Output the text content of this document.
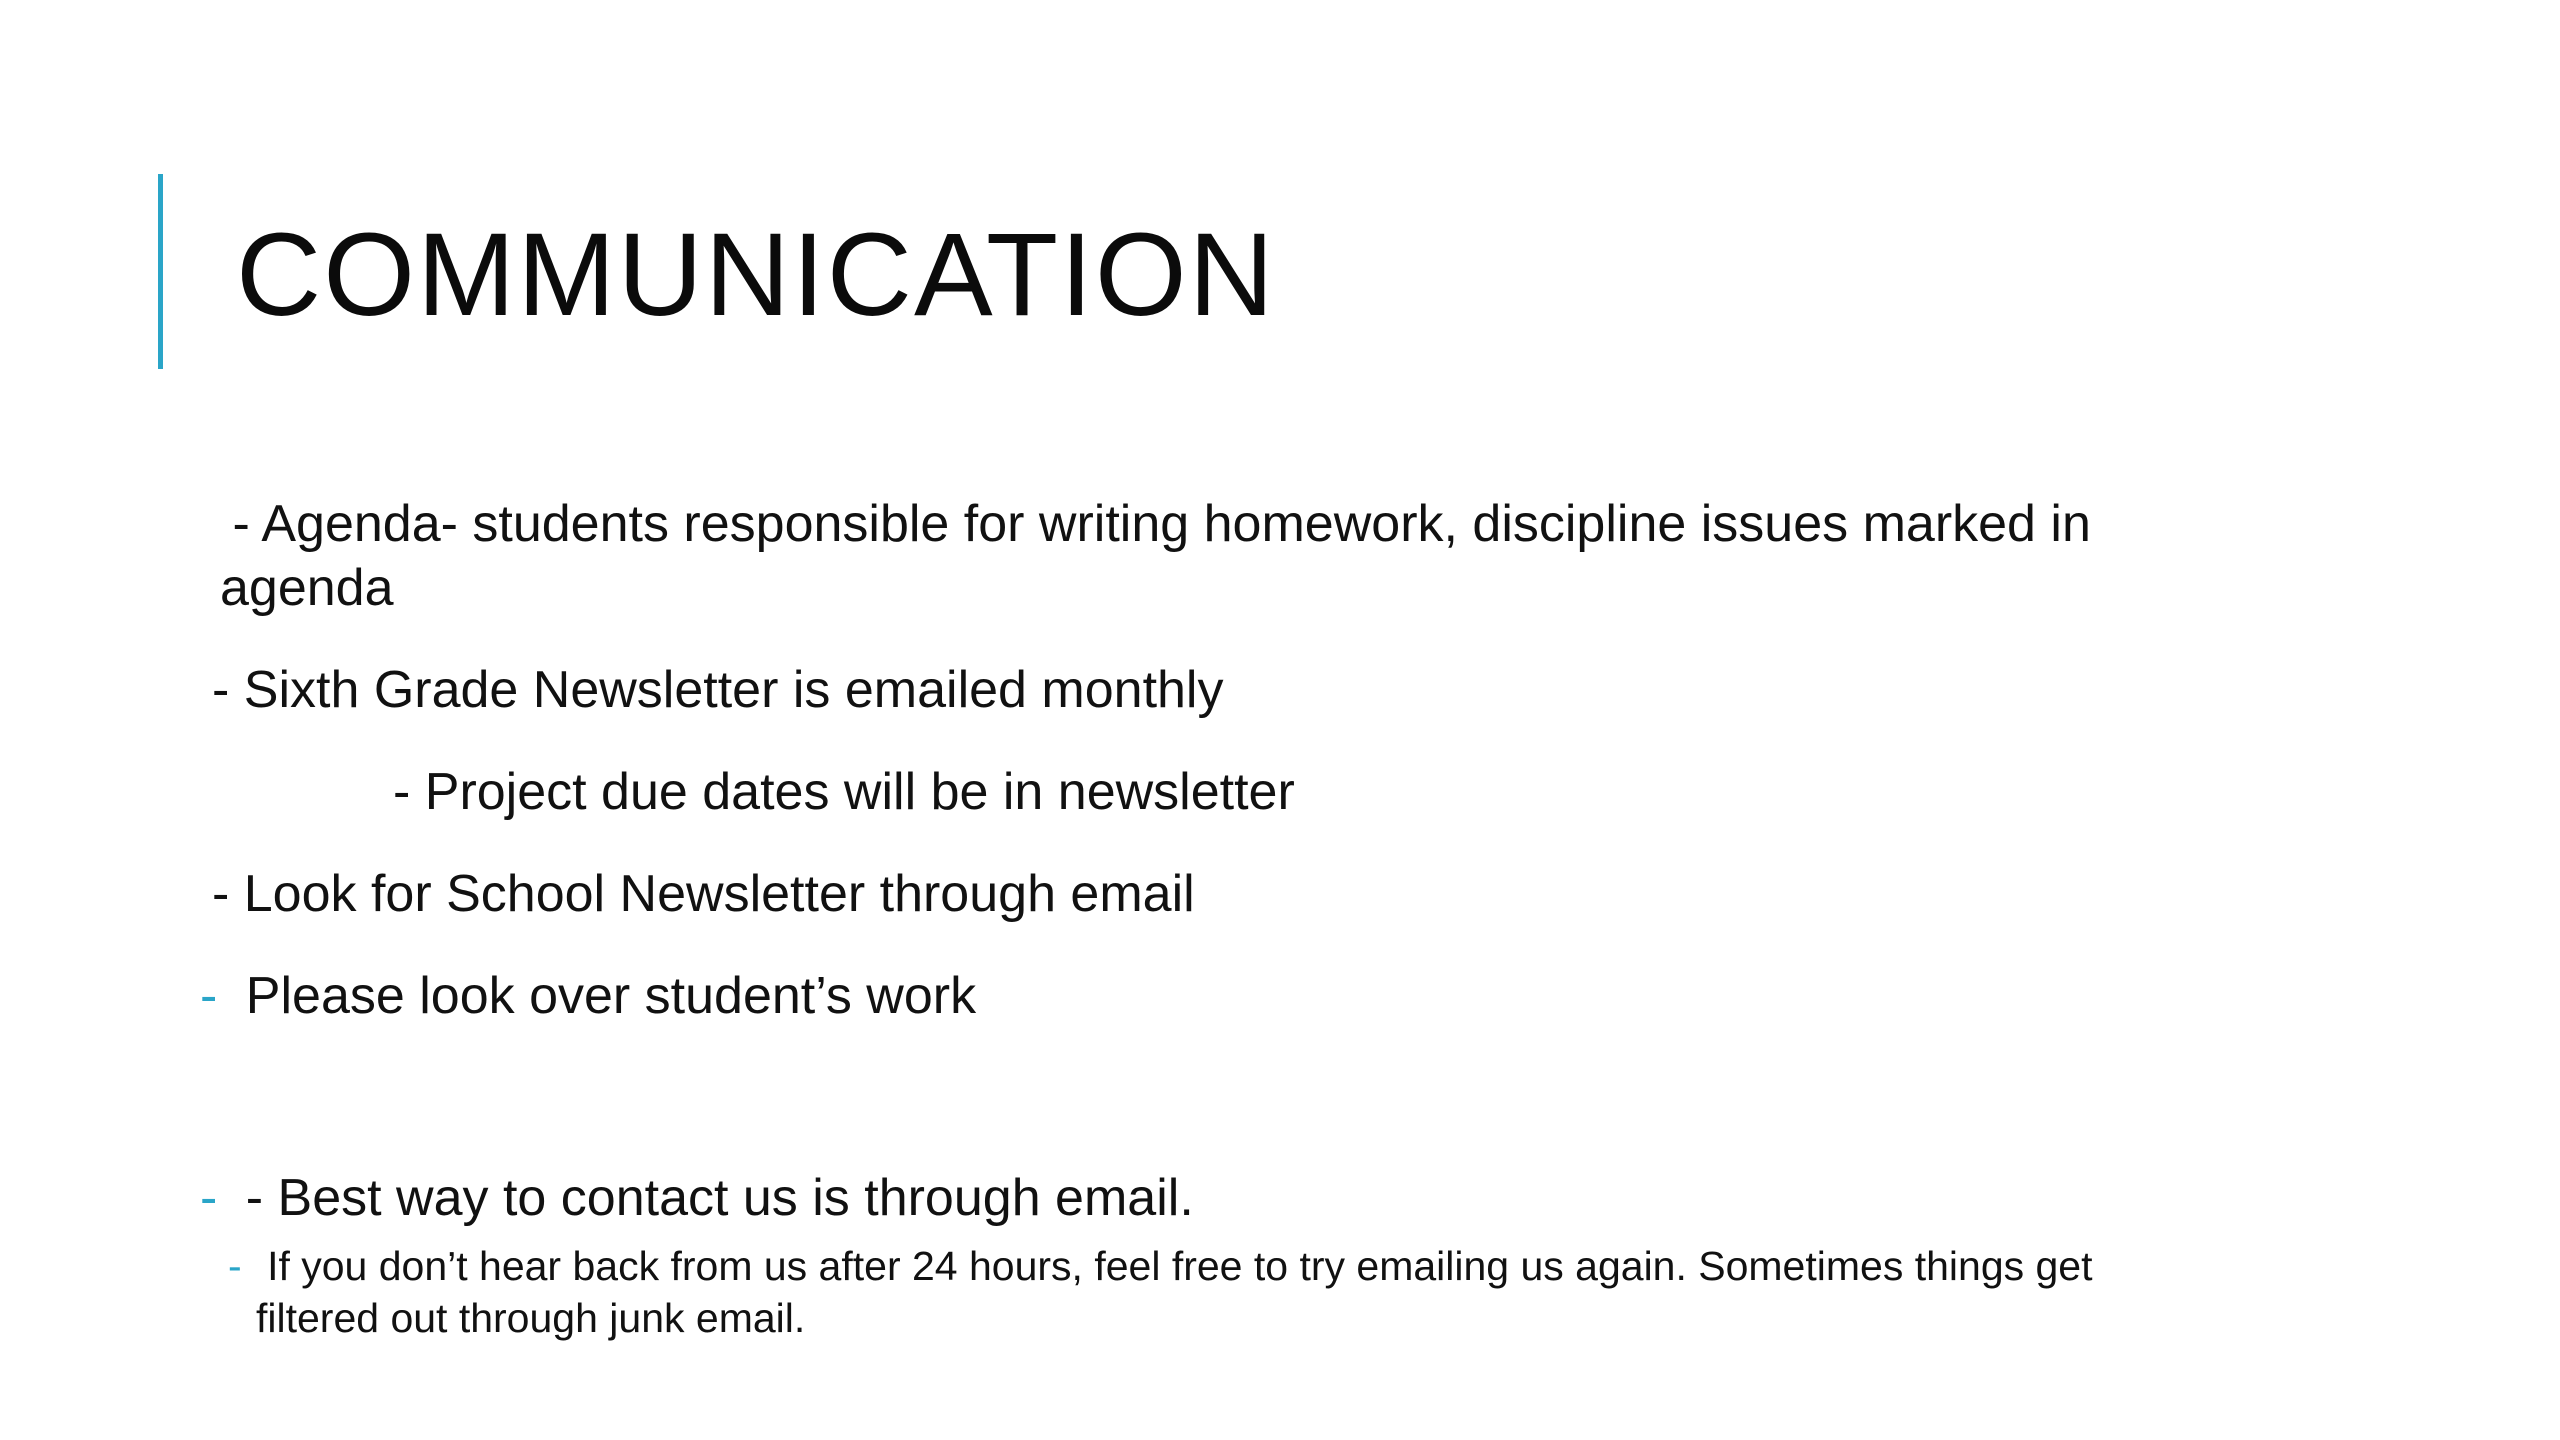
COMMUNICATION
- Agenda- students responsible for writing homework, discipline issues marked in
agenda
- Sixth Grade Newsletter is emailed monthly
- Project due dates will be in newsletter
- Look for School Newsletter through email
- Please look over student’s work
- - Best way to contact us is through email.
- If you don’t hear back from us after 24 hours, feel free to try emailing us again. Sometimes things get
filtered out through junk email.
